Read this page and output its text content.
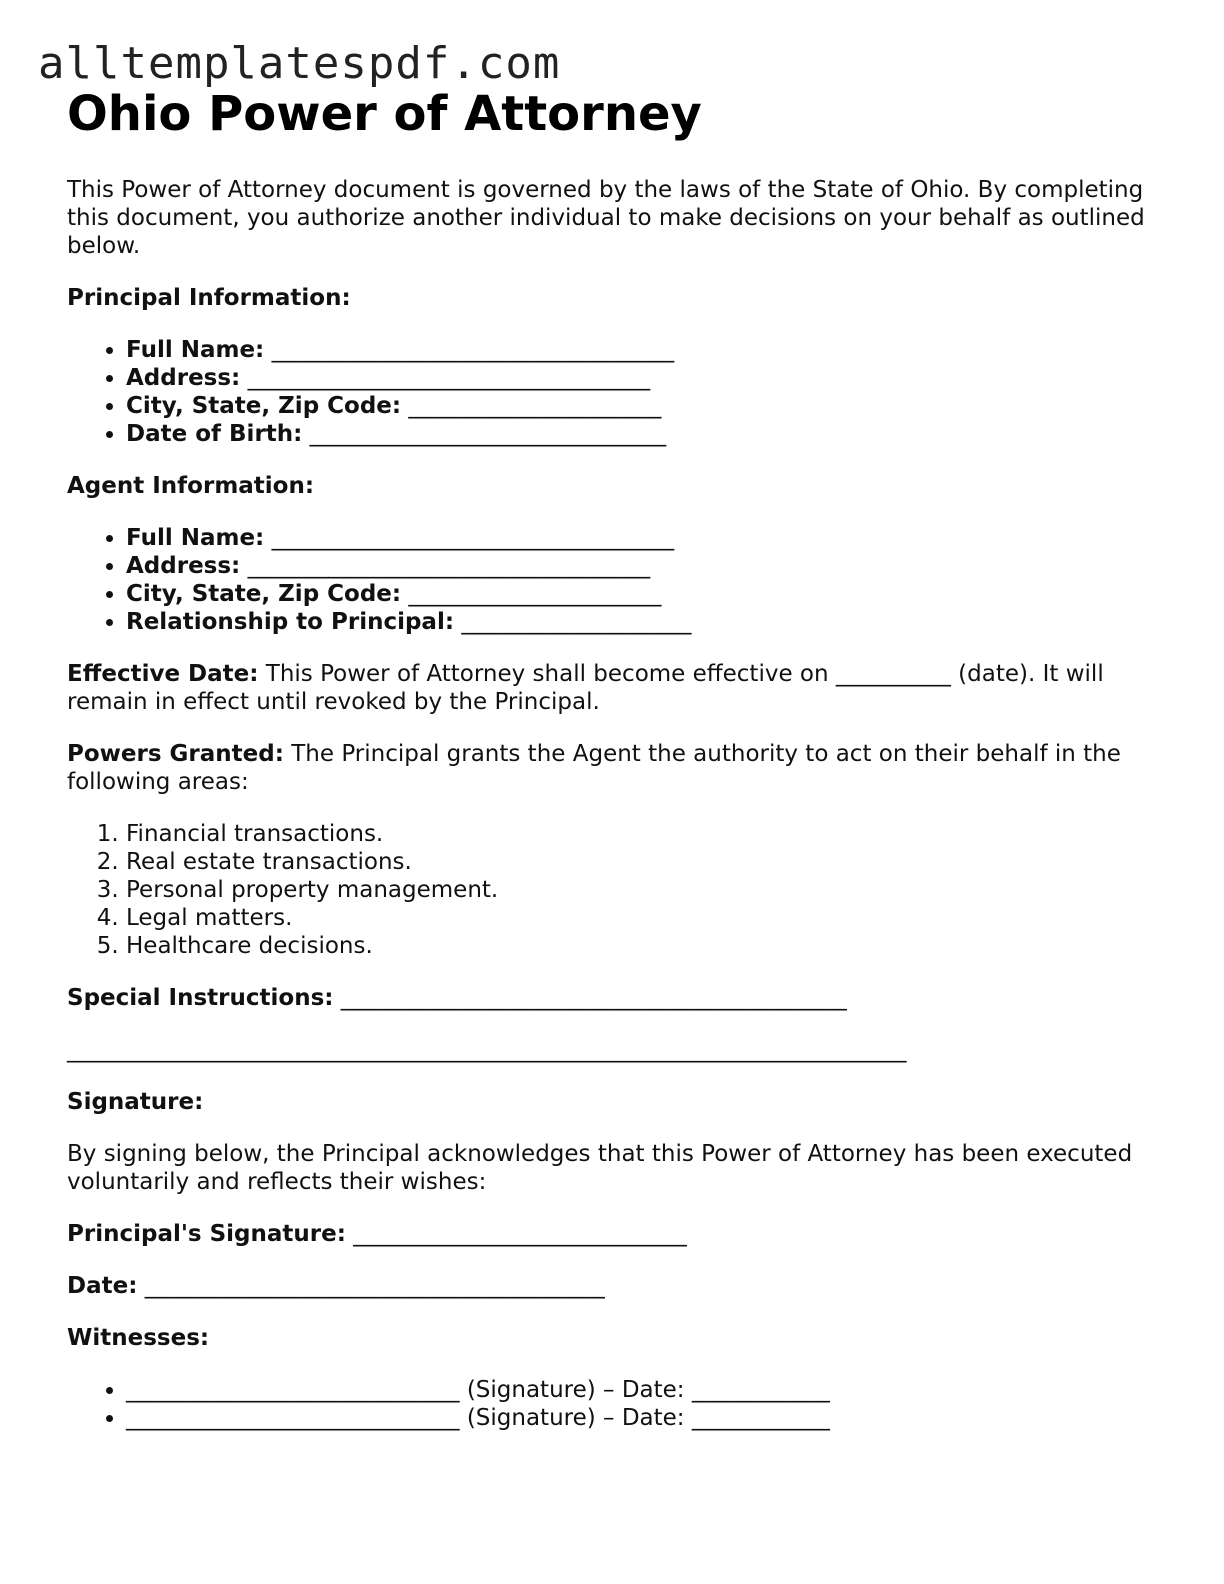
alltemplatespdf.com
Ohio Power of Attorney

This Power of Attorney document is governed by the laws of the State of Ohio. By completing this document, you authorize another individual to make decisions on your behalf as outlined below.

Principal Information:

• Full Name: ___________________________________
• Address: ___________________________________
• City, State, Zip Code: ______________________
• Date of Birth: _______________________________

Agent Information:

• Full Name: ___________________________________
• Address: ___________________________________
• City, State, Zip Code: ______________________
• Relationship to Principal: ____________________

Effective Date: This Power of Attorney shall become effective on __________ (date). It will remain in effect until revoked by the Principal.

Powers Granted: The Principal grants the Agent the authority to act on their behalf in the following areas:

1. Financial transactions.
2. Real estate transactions.
3. Personal property management.
4. Legal matters.
5. Healthcare decisions.

Special Instructions: ____________________________________________

_________________________________________________________________________

Signature:

By signing below, the Principal acknowledges that this Power of Attorney has been executed voluntarily and reflects their wishes:

Principal's Signature: _____________________________

Date: ________________________________________

Witnesses:

• _____________________________ (Signature) – Date: ____________
• _____________________________ (Signature) – Date: ____________
